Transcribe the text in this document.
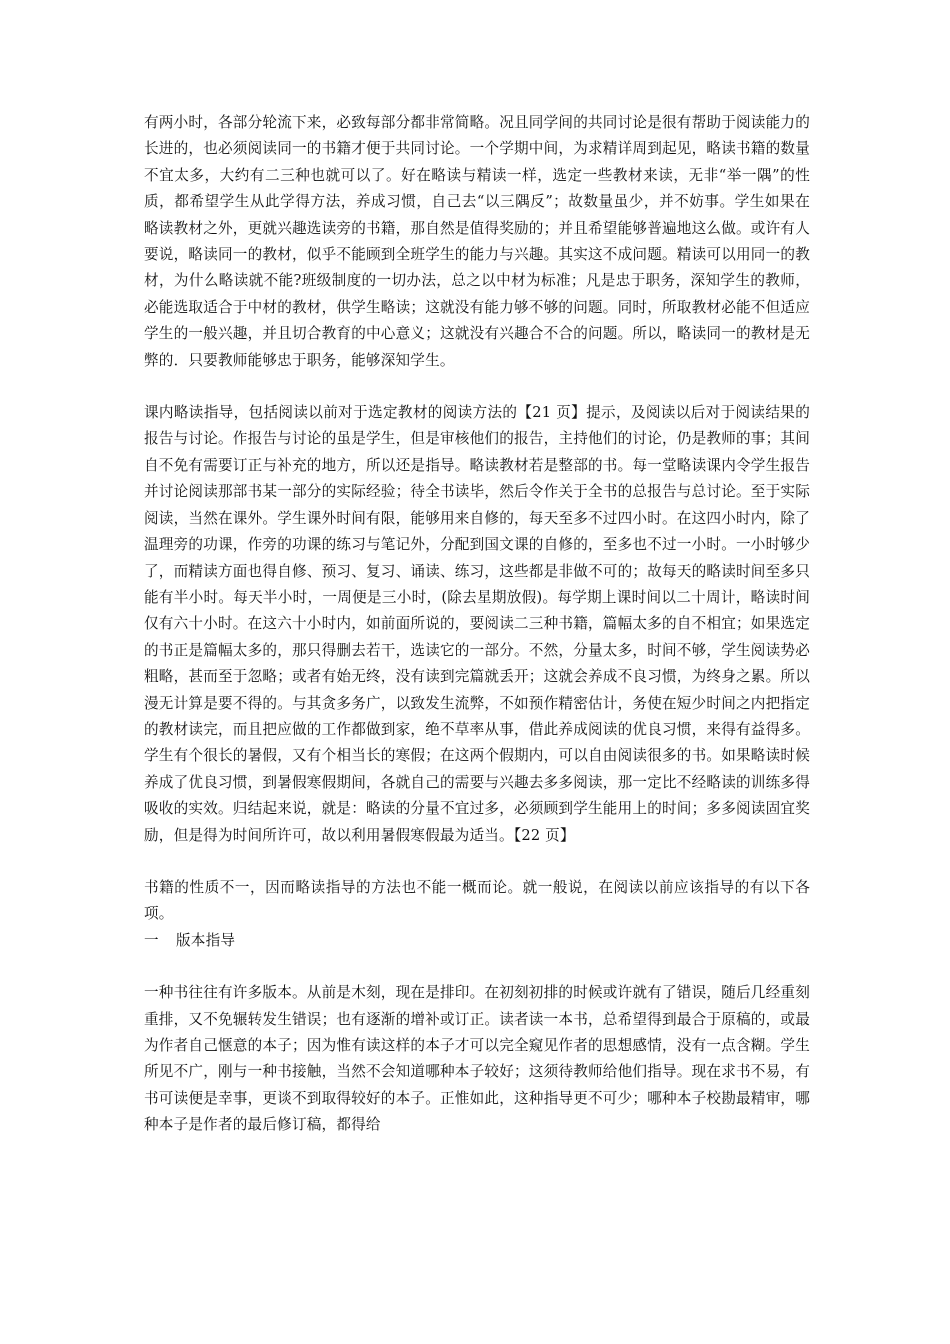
有两小时，各部分轮流下来，必致每部分都非常简略。况且同学间的共同讨论是很有帮助于阅读能力的长进的，也必须阅读同一的书籍才便于共同讨论。一个学期中间，为求精详周到起见，略读书籍的数量不宜太多，大约有二三种也就可以了。好在略读与精读一样，选定一些教材来读，无非“举一隅”的性质，都希望学生从此学得方法，养成习惯，自己去“以三隅反”；故数量虽少，并不妨事。学生如果在略读教材之外，更就兴趣选读旁的书籍，那自然是值得奖励的；并且希望能够普遍地这么做。或许有人要说，略读同一的教材，似乎不能顾到全班学生的能力与兴趣。其实这不成问题。精读可以用同一的教材，为什么略读就不能?班级制度的一切办法，总之以中材为标准；凡是忠于职务，深知学生的教师，必能选取适合于中材的教材，供学生略读；这就没有能力够不够的问题。同时，所取教材必能不但适应学生的一般兴趣，并且切合教育的中心意义；这就没有兴趣合不合的问题。所以，略读同一的教材是无弊的．只要教师能够忠于职务，能够深知学生。

课内略读指导，包括阅读以前对于选定教材的阅读方法的【21 页】提示，及阅读以后对于阅读结果的报告与讨论。作报告与讨论的虽是学生，但是审核他们的报告，主持他们的讨论，仍是教师的事；其间自不免有需要订正与补充的地方，所以还是指导。略读教材若是整部的书。每一堂略读课内令学生报告并讨论阅读那部书某一部分的实际经验；待全书读毕，然后令作关于全书的总报告与总讨论。至于实际阅读，当然在课外。学生课外时间有限，能够用来自修的，每天至多不过四小时。在这四小时内，除了温理旁的功课，作旁的功课的练习与笔记外，分配到国文课的自修的，至多也不过一小时。一小时够少了，而精读方面也得自修、预习、复习、诵读、练习，这些都是非做不可的；故每天的略读时间至多只能有半小时。每天半小时，一周便是三小时，(除去星期放假)。每学期上课时间以二十周计，略读时间仅有六十小时。在这六十小时内，如前面所说的，要阅读二三种书籍，篇幅太多的自不相宜；如果选定的书正是篇幅太多的，那只得删去若干，选读它的一部分。不然，分量太多，时间不够，学生阅读势必粗略，甚而至于忽略；或者有始无终，没有读到完篇就丢开；这就会养成不良习惯，为终身之累。所以漫无计算是要不得的。与其贪多务广，以致发生流弊，不如预作精密估计，务使在短少时间之内把指定的教材读完，而且把应做的工作都做到家，绝不草率从事，借此养成阅读的优良习惯，来得有益得多。学生有个很长的暑假，又有个相当长的寒假；在这两个假期内，可以自由阅读很多的书。如果略读时候养成了优良习惯，到暑假寒假期间，各就自己的需要与兴趣去多多阅读，那一定比不经略读的训练多得吸收的实效。归结起来说，就是：略读的分量不宜过多，必须顾到学生能用上的时间；多多阅读固宜奖励，但是得为时间所许可，故以利用暑假寒假最为适当。【22 页】

书籍的性质不一，因而略读指导的方法也不能一概而论。就一般说，在阅读以前应该指导的有以下各项。

一 版本指导

一种书往往有许多版本。从前是木刻，现在是排印。在初刻初排的时候或许就有了错误，随后几经重刻重排，又不免辗转发生错误；也有逐渐的增补或订正。读者读一本书，总希望得到最合于原稿的，或最为作者自己惬意的本子；因为惟有读这样的本子才可以完全窥见作者的思想感情，没有一点含糊。学生所见不广，刚与一种书接触，当然不会知道哪种本子较好；这须待教师给他们指导。现在求书不易，有书可读便是幸事，更谈不到取得较好的本子。正惟如此，这种指导更不可少；哪种本子校勘最精审，哪种本子是作者的最后修订稿，都得给
